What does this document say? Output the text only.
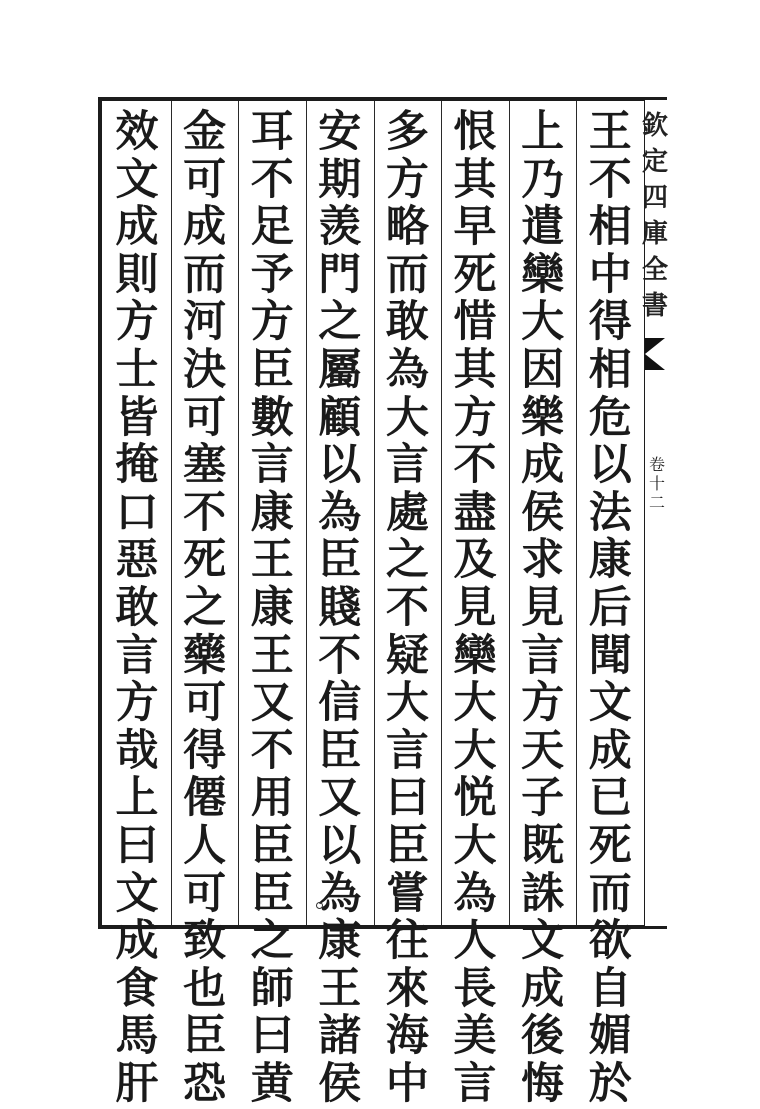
王
不
相
中
得
相
危
以
法
康
后
聞
文
成
已
死
而
欲
自
媚
於
上
乃
遣
欒
大
因
樂
成
侯
求
見
言
方
天
子
既
誅
文
成
後
悔
恨
其
早
死
惜
其
方
不
盡
及
見
欒
大
大
悦
大
為
人
長
美
言
多
方
略
而
敢
為
大
言
處
之
不
疑
大
言
曰
臣
嘗
往
來
海
中
安
期
羡
門
之
屬
顧
以
為
臣
賤
不
信
臣
又
以
為
康
王
諸
侯
耳
不
足
予
方
臣
數
言
康
王
康
王
又
不
用
臣
臣
之
師
曰
黄
金
可
成
而
河
決
可
塞
不
死
之
藥
可
得
僊
人
可
致
也
臣
恐
效
文
成
則
方
士
皆
掩
口
惡
敢
言
方
哉
上
曰
文
成
食
馬
肝
欽
定
四
庫
全
書
卷
十
二
